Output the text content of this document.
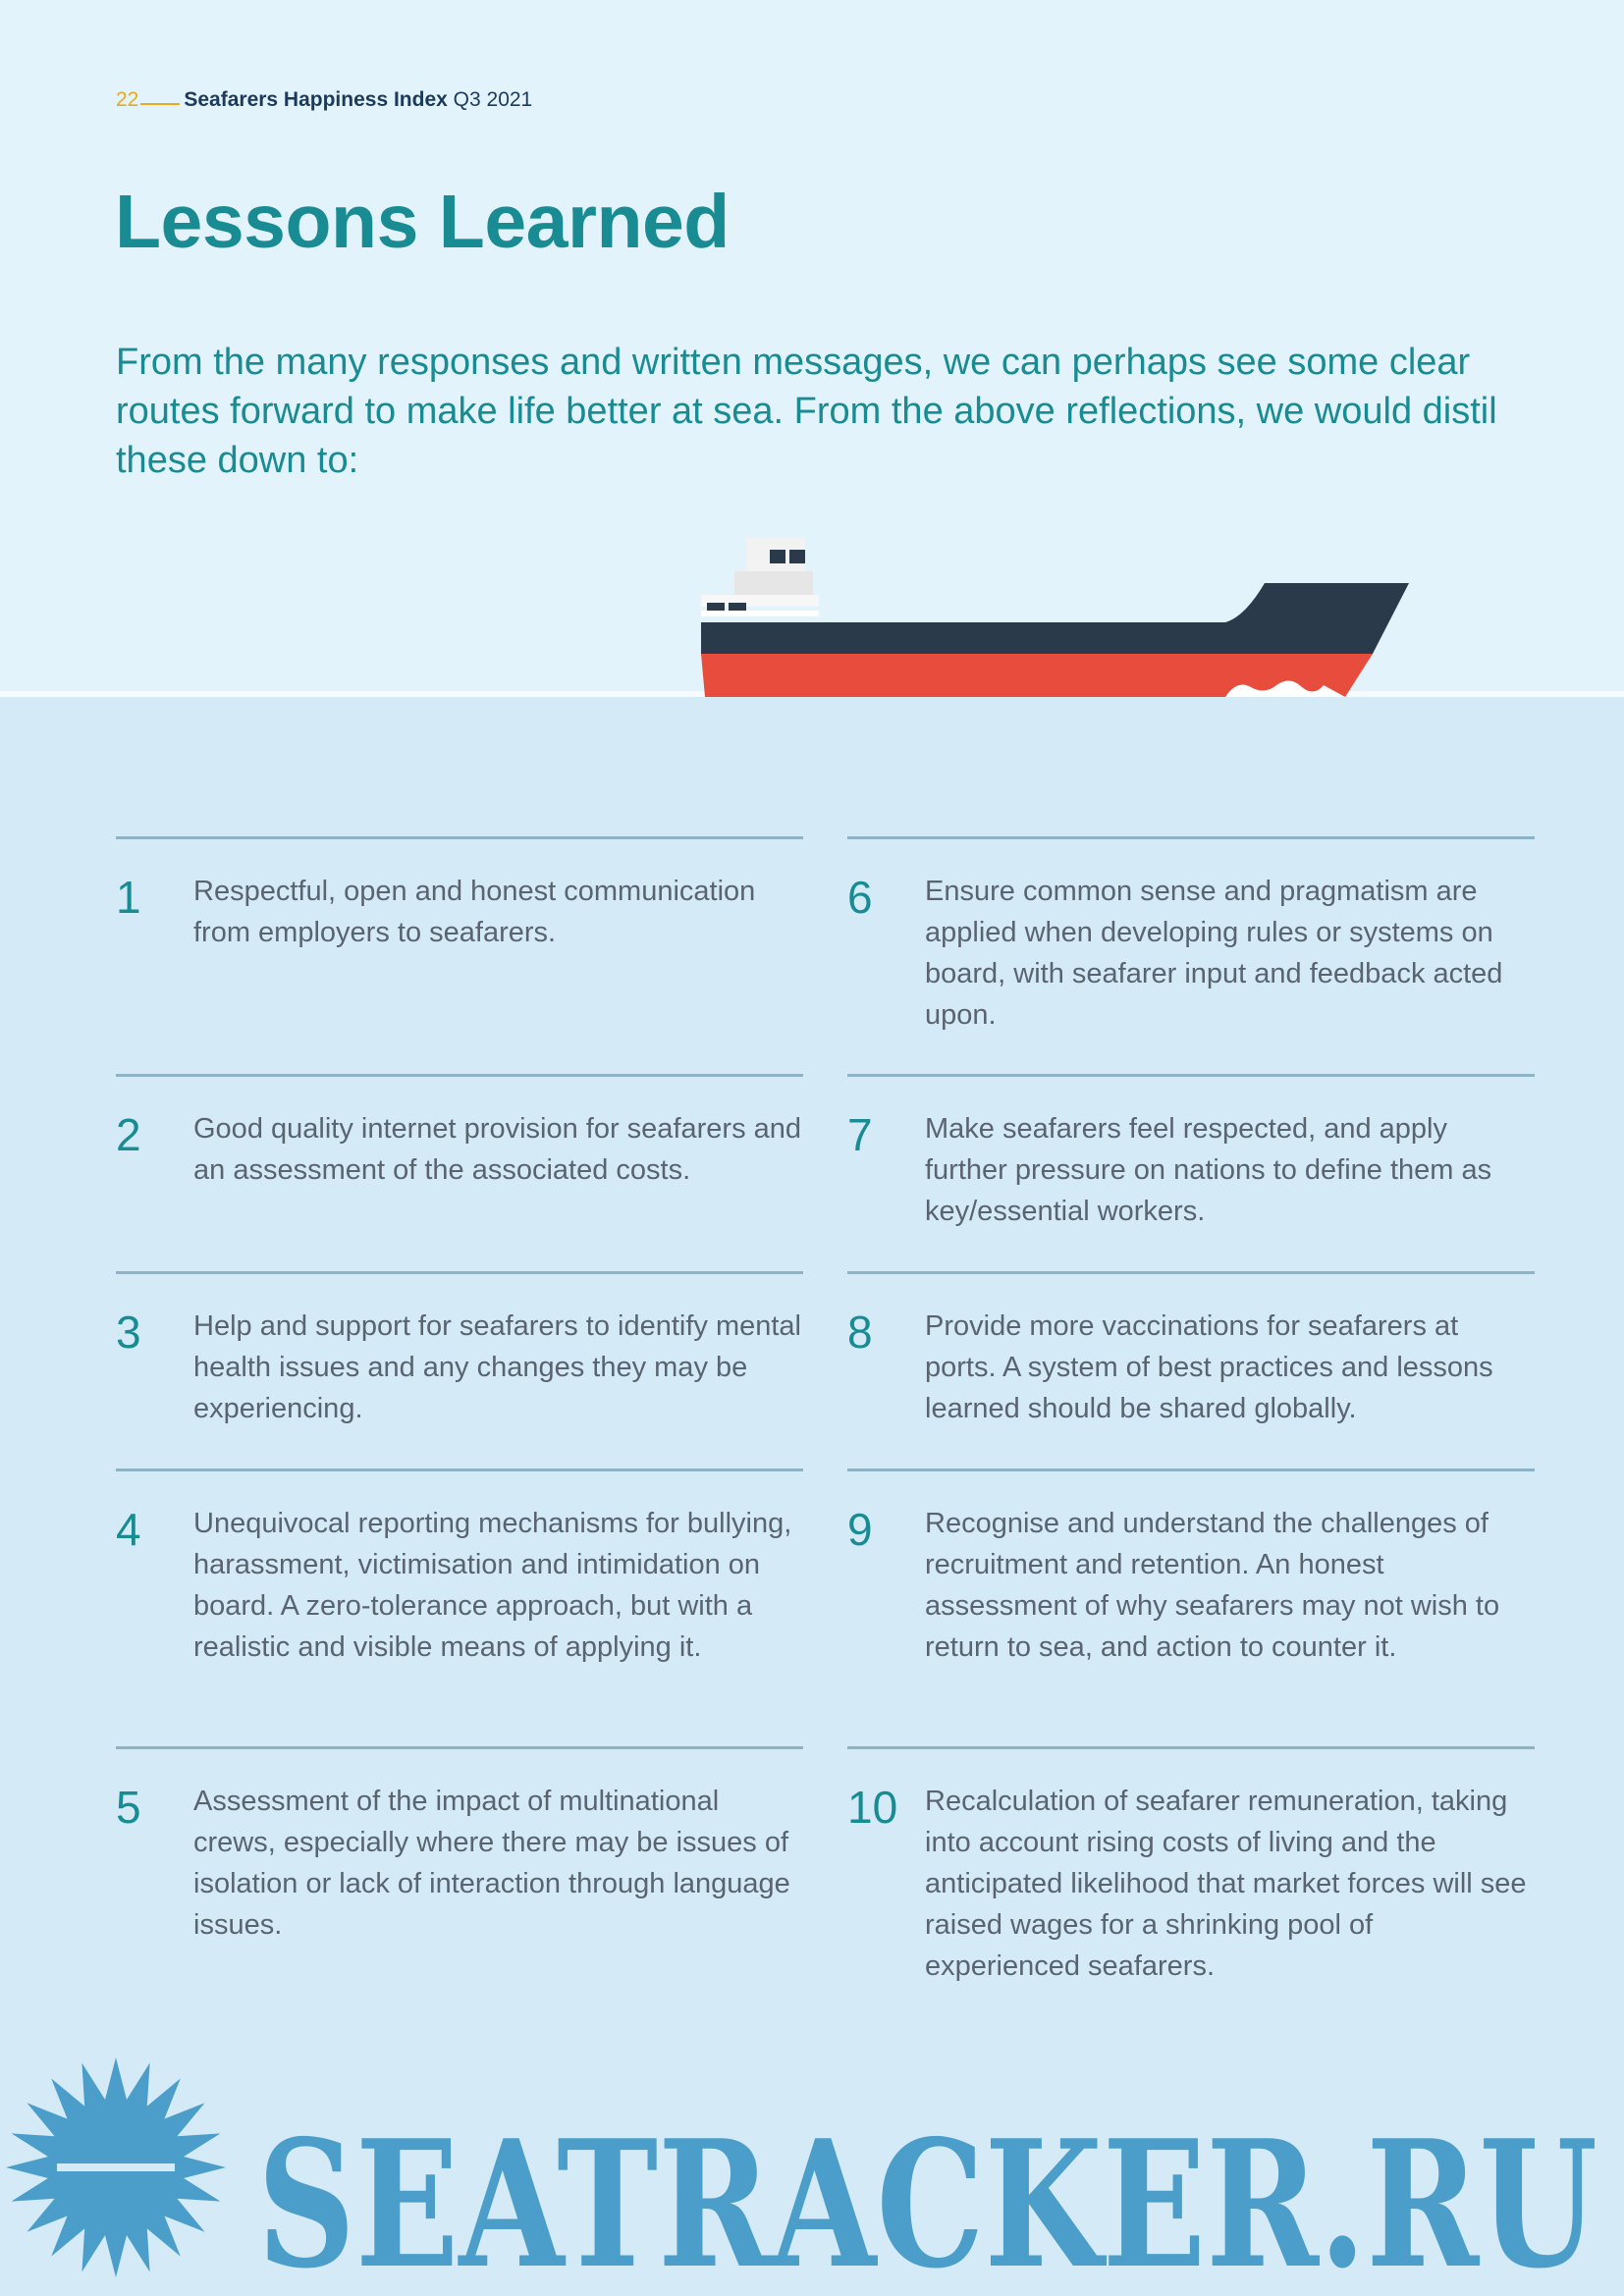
22 Seafarers Happiness Index Q3 2021
Lessons Learned
From the many responses and written messages, we can perhaps see some clear routes forward to make life better at sea. From the above reflections, we would distil these down to:
1 Respectful, open and honest communication from employers to seafarers.
2 Good quality internet provision for seafarers and an assessment of the associated costs.
3 Help and support for seafarers to identify mental health issues and any changes they may be experiencing.
4 Unequivocal reporting mechanisms for bullying, harassment, victimisation and intimidation on board. A zero-tolerance approach, but with a realistic and visible means of applying it.
5 Assessment of the impact of multinational crews, especially where there may be issues of isolation or lack of interaction through language issues.
6 Ensure common sense and pragmatism are applied when developing rules or systems on board, with seafarer input and feedback acted upon.
7 Make seafarers feel respected, and apply further pressure on nations to define them as key/essential workers.
8 Provide more vaccinations for seafarers at ports. A system of best practices and lessons learned should be shared globally.
9 Recognise and understand the challenges of recruitment and retention. An honest assessment of why seafarers may not wish to return to sea, and action to counter it.
10 Recalculation of seafarer remuneration, taking into account rising costs of living and the anticipated likelihood that market forces will see raised wages for a shrinking pool of experienced seafarers.
SEATRACKER.RU
